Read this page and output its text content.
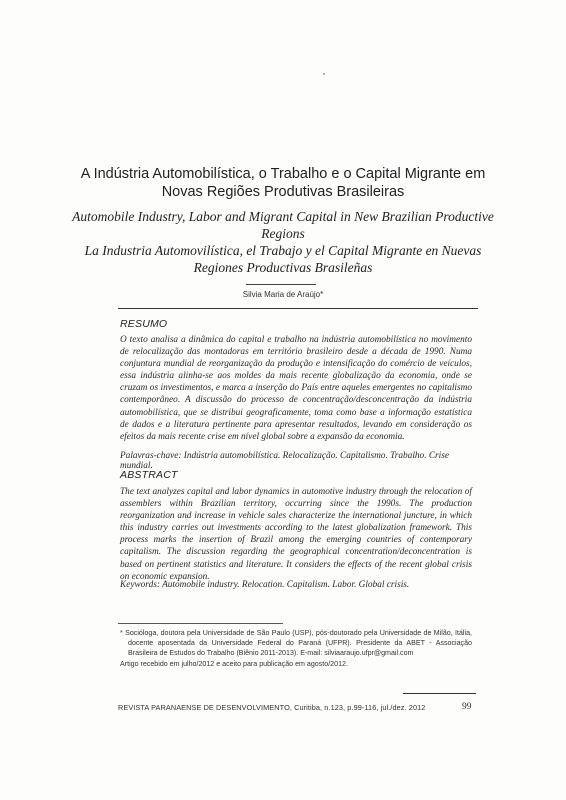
A Indústria Automobilística, o Trabalho e o Capital Migrante em Novas Regiões Produtivas Brasileiras
Automobile Industry, Labor and Migrant Capital in New Brazilian Productive Regions
La Industria Automovilística, el Trabajo y el Capital Migrante en Nuevas Regiones Productivas Brasileñas
Silvia Maria de Araújo*
RESUMO

O texto analisa a dinâmica do capital e trabalho na indústria automobilística no movimento de relocalização das montadoras em território brasileiro desde a década de 1990. Numa conjuntura mundial de reorganização da produção e intensificação do comércio de veículos, essa indústria alinha-se aos moldes da mais recente globalização da economia, onde se cruzam os investimentos, e marca a inserção do País entre aqueles emergentes no capitalismo contemporâneo. A discussão do processo de concentração/desconcentração da indústria automobilística, que se distribui geograficamente, toma como base a informação estatística de dados e a literatura pertinente para apresentar resultados, levando em consideração os efeitos da mais recente crise em nível global sobre a expansão da economia.

Palavras-chave: Indústria automobilística. Relocalização. Capitalismo. Trabalho. Crise mundial.

ABSTRACT

The text analyzes capital and labor dynamics in automotive industry through the relocation of assemblers within Brazilian territory, occurring since the 1990s. The production reorganization and increase in vehicle sales characterize the international juncture, in which this industry carries out investments according to the latest globalization framework. This process marks the insertion of Brazil among the emerging countries of contemporary capitalism. The discussion regarding the geographical concentration/deconcentration is based on pertinent statistics and literature. It considers the effects of the recent global crisis on economic expansion.

Keywords: Automobile industry. Relocation. Capitalism. Labor. Global crisis.

* Socióloga, doutora pela Universidade de São Paulo (USP), pós-doutorado pela Universidade de Milão, Itália, docente aposentada da Universidade Federal do Paraná (UFPR). Presidente da ABET - Associação Brasileira de Estudos do Trabalho (Biênio 2011-2013). E-mail: silviaaraujo.ufpr@gmail.com

Artigo recebido em julho/2012 e aceito para publicação em agosto/2012.
REVISTA PARANAENSE DE DESENVOLVIMENTO, Curitiba, n.123, p.99-116, jul./dez. 2012	99
